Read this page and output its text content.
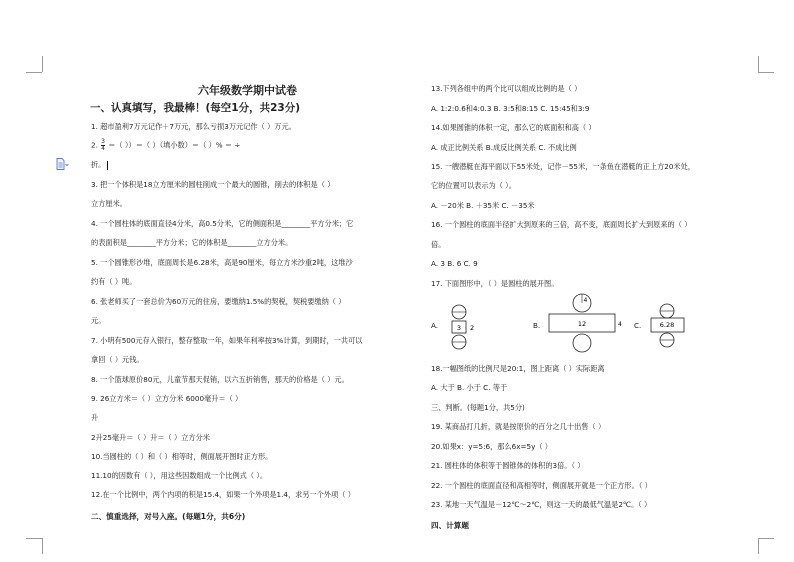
六年级数学期中试卷
一、认真填写，我最棒！(每空1分，共23分)
1. 超市盈利7万元记作＋7万元，那么亏损3万元记作（ ）万元。
2. $\frac{3}{4}$ ＝（ ））＝（ ）（填小数）＝（ ）% ＝ ÷
折。
3. 把一个体积是18立方厘米的圆柱削成一个最大的圆锥，削去的体积是（ ）
立方厘米。
4. 一个圆柱体的底面直径4分米，高0.5分米，它的侧面积是________平方分米；它
的表面积是________平方分米；它的体积是________立方分米。
5. 一个圆锥形沙堆，底面周长是6.28米，高是90厘米，每立方米沙重2吨，这堆沙
约有（ ）吨。
6. 张老师买了一套总价为60万元的住房，要缴纳1.5%的契税，契税要缴纳（ ）
元。
7. 小明有500元存入银行，整存整取一年，如果年利率按3%计算，到期时，一共可以
拿回（ ）元钱。
8. 一个篮球原价80元，儿童节那天促销，以六五折销售，那天的价格是（ ）元。
9. 26立方米＝（ ）立方分米 6000毫升＝（ ）
升
2升25毫升＝（ ）升＝（ ）立方分米
10.当圆柱的（ ）和（ ）相等时，侧面展开图时正方形。
11.10的因数有（ ），用这些因数组成一个比例式（ ）。
12.在一个比例中，两个内项的积是15.4，如果一个外项是1.4，求另一个外项（ ）
二、慎重选择，对号入座。(每题1分，共6分)
13.下列各组中的两个比可以组成比例的是（ ）
A. 1:2:0.6和4:0.3 B. 3:5和8:15 C. 15:45和3:9
14.如果圆锥的体积一定，那么它的底面积和高（ ）
A. 成正比例关系 B.成反比例关系 C. 不成比例
15. 一艘潜艇在海平面以下55米处，记作－55米，一条鱼在潜艇的正上方20米处，
它的位置可以表示为（ ）。
A. －20米 B. ＋35米 C. －35米
16. 一个圆柱的底面半径扩大到原来的三倍，高不变，底面周长扩大到原来的（ ）
倍。
A. 3 B. 6 C. 9
17. 下面图形中，（ ）是圆柱的展开图。
A.	3 2	B.
4
12	4 C.	6.28
18.一幅图纸的比例尺是20:1，图上距离（ ）实际距离
A. 大于 B. 小于 C. 等于
三、判断。(每题1分，共5分)
19. 某商品打几折，就是按原价的百分之几十出售（ ）
20.如果x：y=5:6，那么6x=5y（ ）
21. 圆柱体的体积等于圆锥体的体积的3倍。（ ）
22. 一个圆柱的底面直径和高相等时，侧面展开就是一个正方形。（ ）
23. 某地一天气温是－12℃～2℃，则这一天的最低气温是2℃。（ ）
四、计算题
